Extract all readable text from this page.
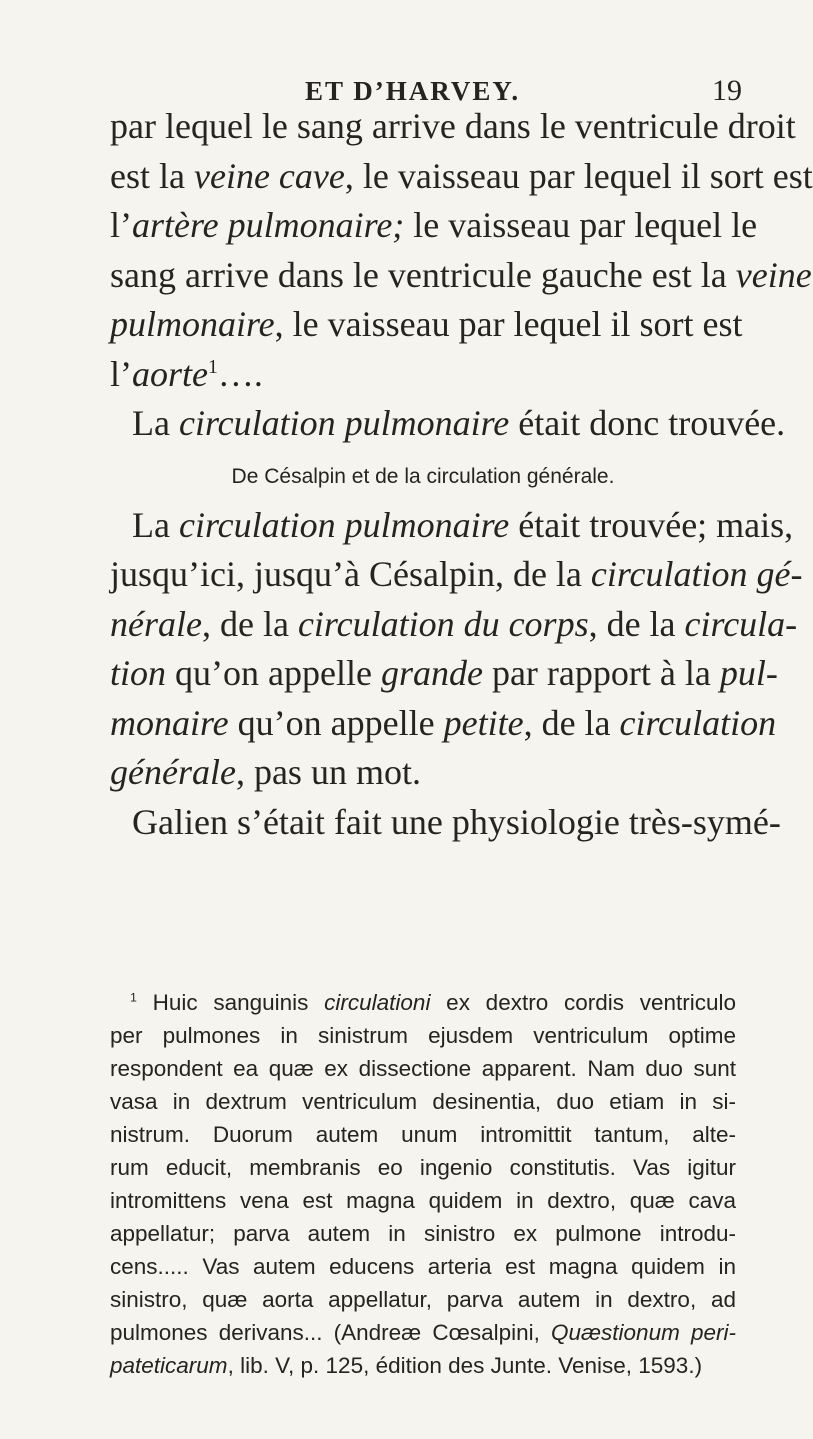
ET D’HARVEY.	19

par lequel le sang arrive dans le ventricule droit
est la veine cave, le vaisseau par lequel il sort est
l’artère pulmonaire; le vaisseau par lequel le
sang arrive dans le ventricule gauche est la veine
pulmonaire, le vaisseau par lequel il sort est
l’aorte$^1$….
La circulation pulmonaire était donc trouvée.

De Césalpin et de la circulation générale.

La circulation pulmonaire était trouvée; mais,
jusqu’ici, jusqu’à Césalpin, de la circulation gé-
nérale, de la circulation du corps, de la circula-
tion qu’on appelle grande par rapport à la pul-
monaire qu’on appelle petite, de la circulation
générale, pas un mot.

Galien s’était fait une physiologie très-symé-

$^1$ Huic sanguinis circulationi ex dextro cordis ventriculo
per pulmones in sinistrum ejusdem ventriculum optime
respondent ea quæ ex dissectione apparent. Nam duo sunt
vasa in dextrum ventriculum desinentia, duo etiam in si-
nistrum. Duorum autem unum intromittit tantum, alte-
rum educit, membranis eo ingenio constitutis. Vas igitur
intromittens vena est magna quidem in dextro, quæ cava
appellatur; parva autem in sinistro ex pulmone introdu-
cens..... Vas autem educens arteria est magna quidem in
sinistro, quæ aorta appellatur, parva autem in dextro, ad
pulmones derivans... (Andreæ Cœsalpini, Quæstionum peri-
pateticarum, lib. V, p. 125, édition des Junte. Venise, 1593.)
